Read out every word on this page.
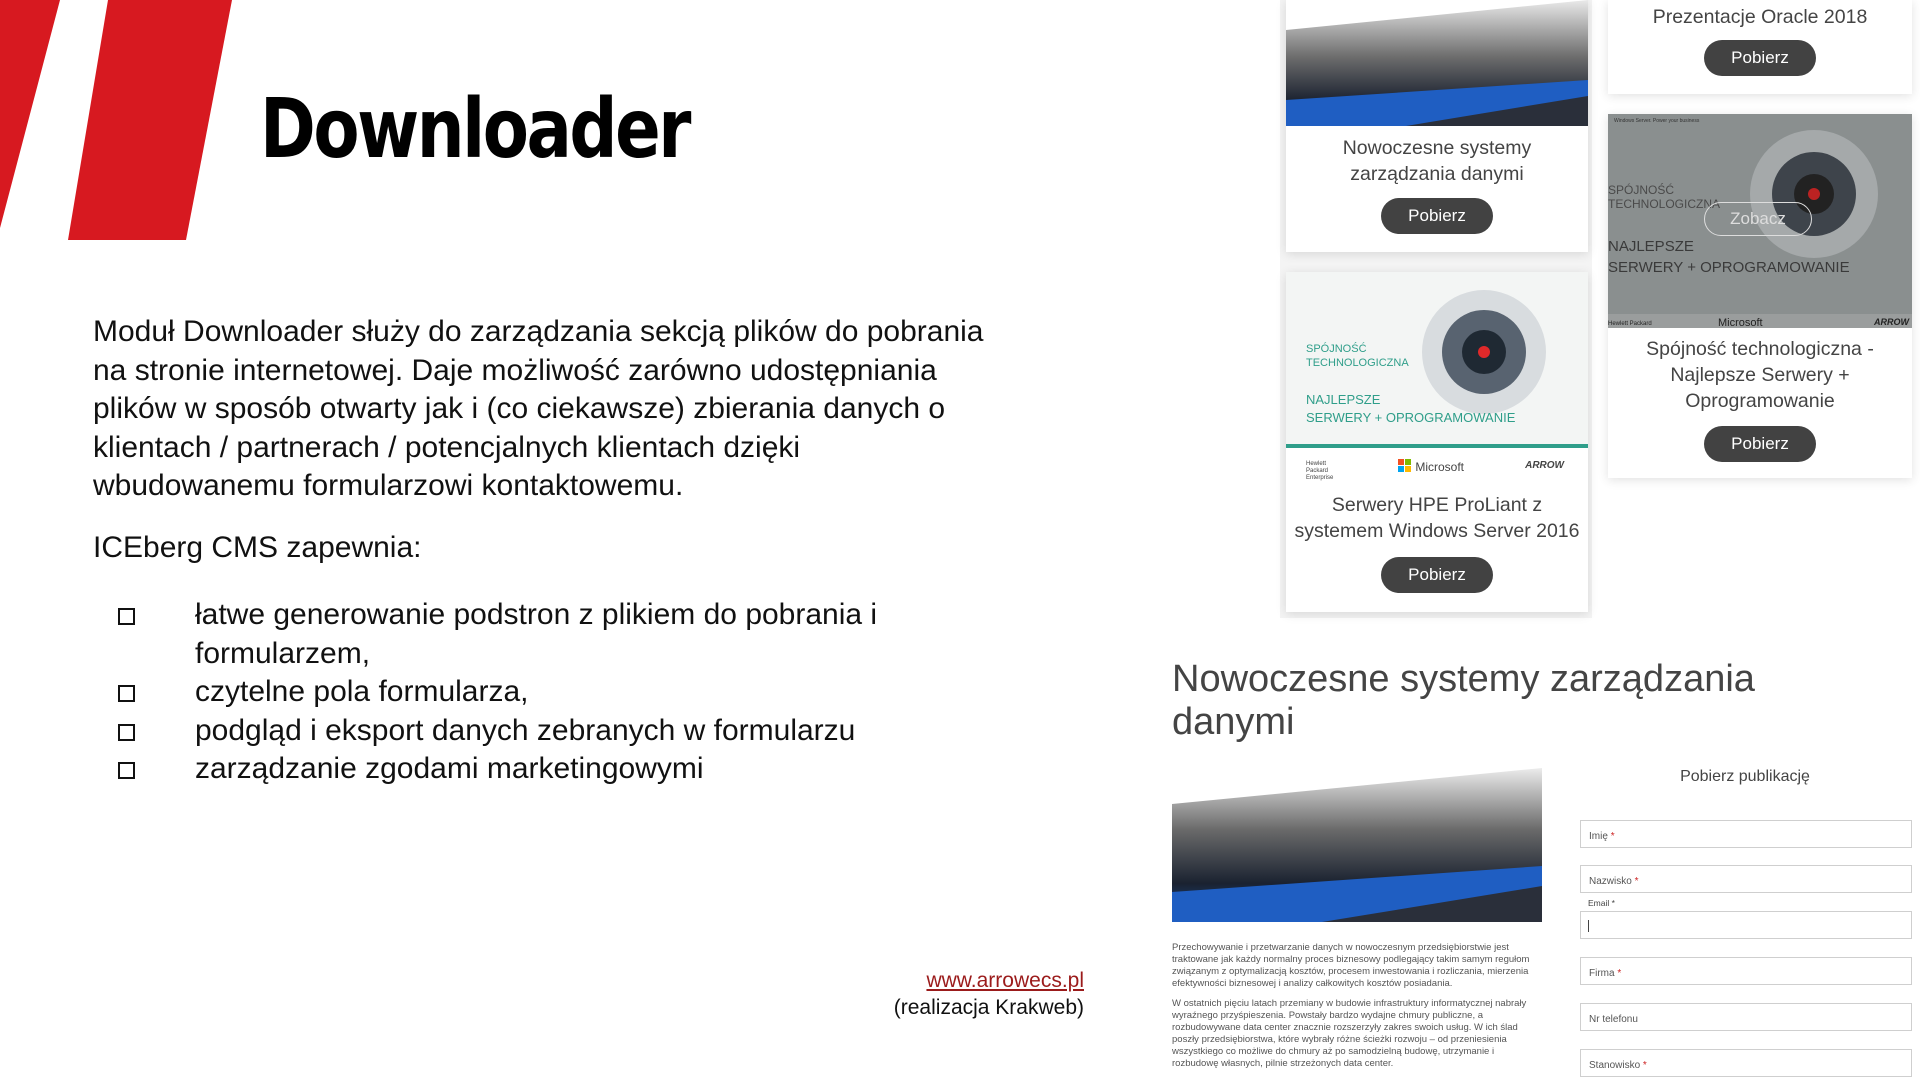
Downloader

Moduł Downloader służy do zarządzania sekcją plików do pobrania na stronie internetowej. Daje możliwość zarówno udostępniania plików w sposób otwarty jak i (co ciekawsze) zbierania danych o klientach / partnerach / potencjalnych klientach dzięki wbudowanemu formularzowi kontaktowemu.

ICEberg CMS zapewnia:
łatwe generowanie podstron z plikiem do pobrania i formularzem,
czytelne pola formularza,
podgląd i eksport danych zebranych w formularzu
zarządzanie zgodami marketingowymi
www.arrowecs.pl
(realizacja Krakweb)
Nowoczesne systemy zarządzania danymi
Pobierz
Prezentacje Oracle 2018
Pobierz
SPÓJNOŚĆ
TECHNOLOGICZNA
NAJLEPSZE
SERWERY + OPROGRAMOWANIE
Hewlett Packard Enterprise
Microsoft	ARROW
Serwery HPE ProLiant z systemem Windows Server 2016
Pobierz
Windows Server. Power your business
SPÓJNOŚĆ
TECHNOLOGICZNA
NAJLEPSZE
SERWERY + OPROGRAMOWANIE
Hewlett Packard	Microsoft	ARROW
Zobacz
Spójność technologiczna - Najlepsze Serwery + Oprogramowanie
Pobierz
Nowoczesne systemy zarządzania danymi

Przechowywanie i przetwarzanie danych w nowoczesnym przedsiębiorstwie jest traktowane jak każdy normalny proces biznesowy podlegający takim samym regułom związanym z optymalizacją kosztów, procesem inwestowania i rozliczania, mierzenia efektywności biznesowej i analizy całkowitych kosztów posiadania.

W ostatnich pięciu latach przemiany w budowie infrastruktury informatycznej nabrały wyraźnego przyśpieszenia. Powstały bardzo wydajne chmury publiczne, a rozbudowywane data center znacznie rozszerzyły zakres swoich usług. W ich ślad poszły przedsiębiorstwa, które wybrały różne ścieżki rozwoju – od przeniesienia wszystkiego co możliwe do chmury aż po samodzielną budowę, utrzymanie i rozbudowę własnych, pilnie strzeżonych data center.

Pobierz publikację
Imię *
Nazwisko *
Email *
Firma *
Nr telefonu
Stanowisko *
